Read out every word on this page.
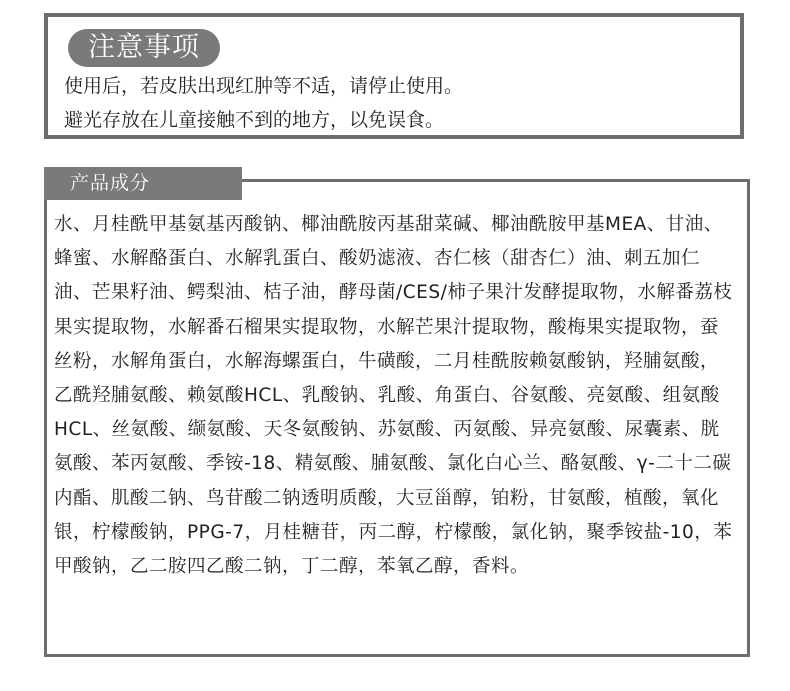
注意事项
使用后，若皮肤出现红肿等不适，请停止使用。
避光存放在儿童接触不到的地方，以免误食。
产品成分
水、月桂酰甲基氨基丙酸钠、椰油酰胺丙基甜菜碱、椰油酰胺甲基MEA、甘油、蜂蜜、水解酪蛋白、水解乳蛋白、酸奶滤液、杏仁核（甜杏仁）油、刺五加仁油、芒果籽油、鳄梨油、桔子油，酵母菌/CES/柿子果汁发酵提取物，水解番荔枝果实提取物，水解番石榴果实提取物，水解芒果汁提取物，酸梅果实提取物，蚕丝粉，水解角蛋白，水解海螺蛋白，牛磺酸，二月桂酰胺赖氨酸钠，羟脯氨酸，乙酰羟脯氨酸、赖氨酸HCL、乳酸钠、乳酸、角蛋白、谷氨酸、亮氨酸、组氨酸HCL、丝氨酸、缬氨酸、天冬氨酸钠、苏氨酸、丙氨酸、异亮氨酸、尿囊素、胱氨酸、苯丙氨酸、季铵-18、精氨酸、脯氨酸、氯化白心兰、酪氨酸、γ-二十二碳内酯、肌酸二钠、鸟苷酸二钠透明质酸，大豆甾醇，铂粉，甘氨酸，植酸，氧化银，柠檬酸钠，PPG-7，月桂糖苷，丙二醇，柠檬酸，氯化钠，聚季铵盐-10，苯甲酸钠，乙二胺四乙酸二钠，丁二醇，苯氧乙醇，香料。
